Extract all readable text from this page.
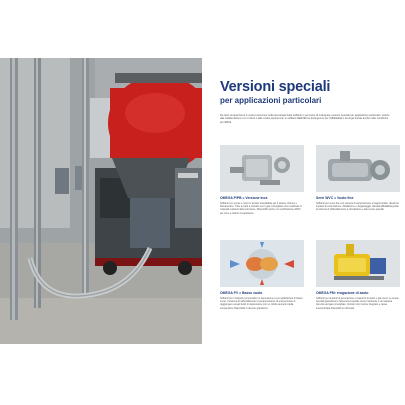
Versioni speciali
per applicazioni particolari
Da oltre cinquant'anni il nostro know-how nella tecnologia delle soffianti ci permette di sviluppare versioni speciali per applicazioni particolari. Grazie alla collaborazione con i clienti e alla nostra esperienza, le soffianti AERZEN si distinguono per l'affidabilità e la lunga durata anche nelle condizioni più difficili.
OMEGA P/PB = Versione inox
Soffianti con tenute e rotori in acciaio inossidabile per il settore chimico e farmaceutico. Tutte le parti a contatto con il gas convogliato sono realizzate in materiali resistenti alla corrosione. Disponibili anche con certificazione ATEX per zone a rischio di esplosione.
Serie WVC = Vuoto fine
Soffianti per vuoto fine con camera di compressione a doppio stadio. Ideali per impianti di essiccazione, distillazione e degassaggio. Elevata affidabilità grazie al sistema di raffreddamento a circolazione e alle tenute speciali.
OMEGA PV = Basso vuoto
Soffianti per il trasporto pneumatico in depressione e per applicazioni di basso vuoto. Il sistema di raffreddamento a preammissione di aria permette di raggiungere elevati livelli di depressione con un ridotto aumento della temperatura. Disponibili in diverse grandezze.
OMEGA PM: erogazione di azoto
Soffianti per impianti di generazione e trasporto di azoto e gas inerti. Le tenute speciali garantiscono l'assenza di perdite verso l'ambiente e la massima purezza del gas convogliato. Versioni con motore integrato e cassa insonorizzata disponibili su richiesta.
